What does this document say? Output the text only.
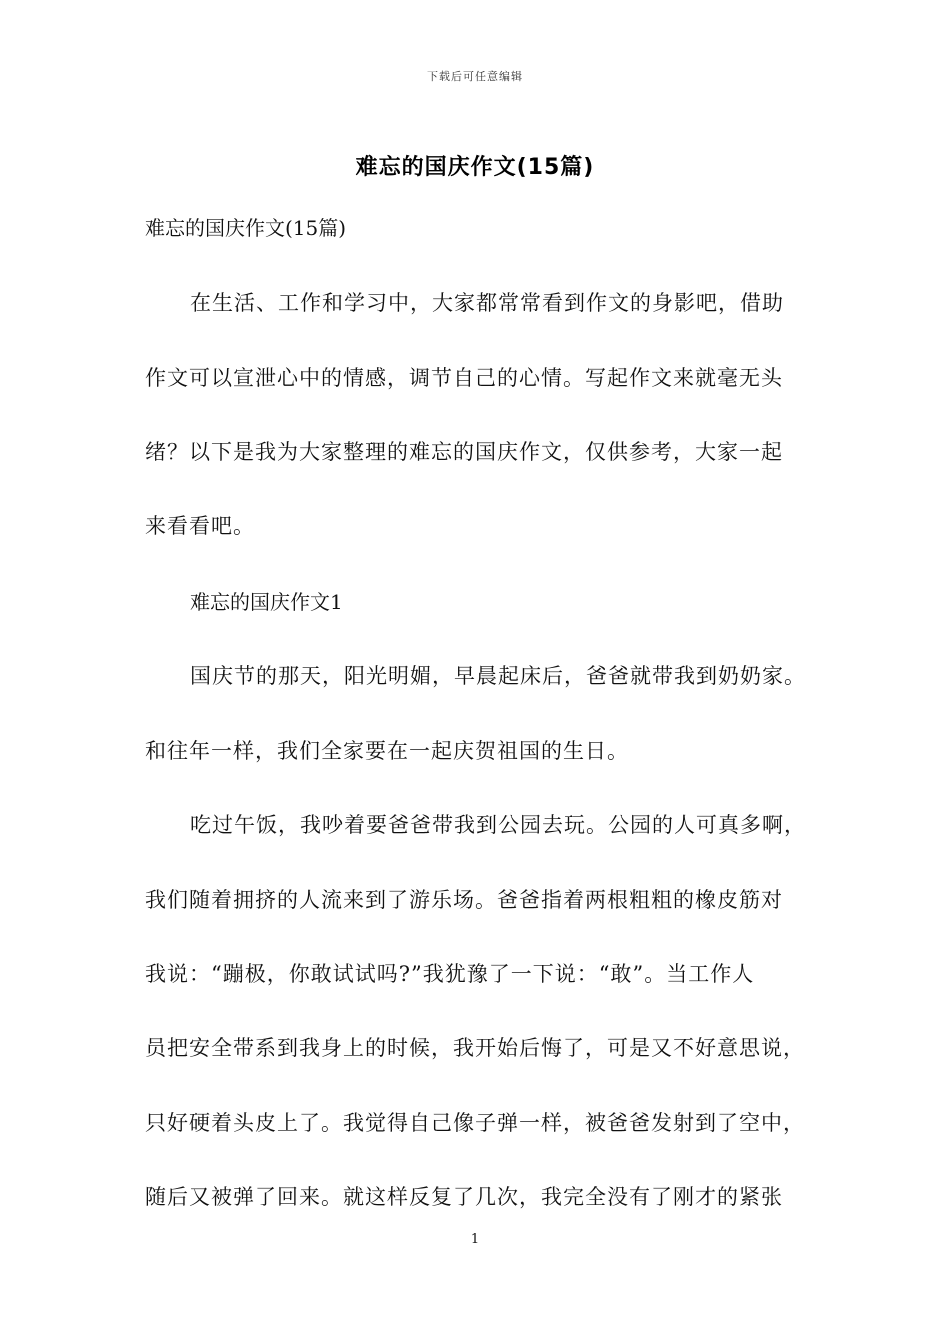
下载后可任意编辑
难忘的国庆作文(15篇)
难忘的国庆作文(15篇)
在生活、工作和学习中，大家都常常看到作文的身影吧，借助
作文可以宣泄心中的情感，调节自己的心情。写起作文来就毫无头
绪？以下是我为大家整理的难忘的国庆作文，仅供参考，大家一起
来看看吧。
难忘的国庆作文1
国庆节的那天，阳光明媚，早晨起床后，爸爸就带我到奶奶家。
和往年一样，我们全家要在一起庆贺祖国的生日。
吃过午饭，我吵着要爸爸带我到公园去玩。公园的人可真多啊，
我们随着拥挤的人流来到了游乐场。爸爸指着两根粗粗的橡皮筋对
我说：“蹦极，你敢试试吗?”我犹豫了一下说：“敢”。当工作人
员把安全带系到我身上的时候，我开始后悔了，可是又不好意思说，
只好硬着头皮上了。我觉得自己像子弹一样，被爸爸发射到了空中，
随后又被弹了回来。就这样反复了几次，我完全没有了刚才的紧张
1
